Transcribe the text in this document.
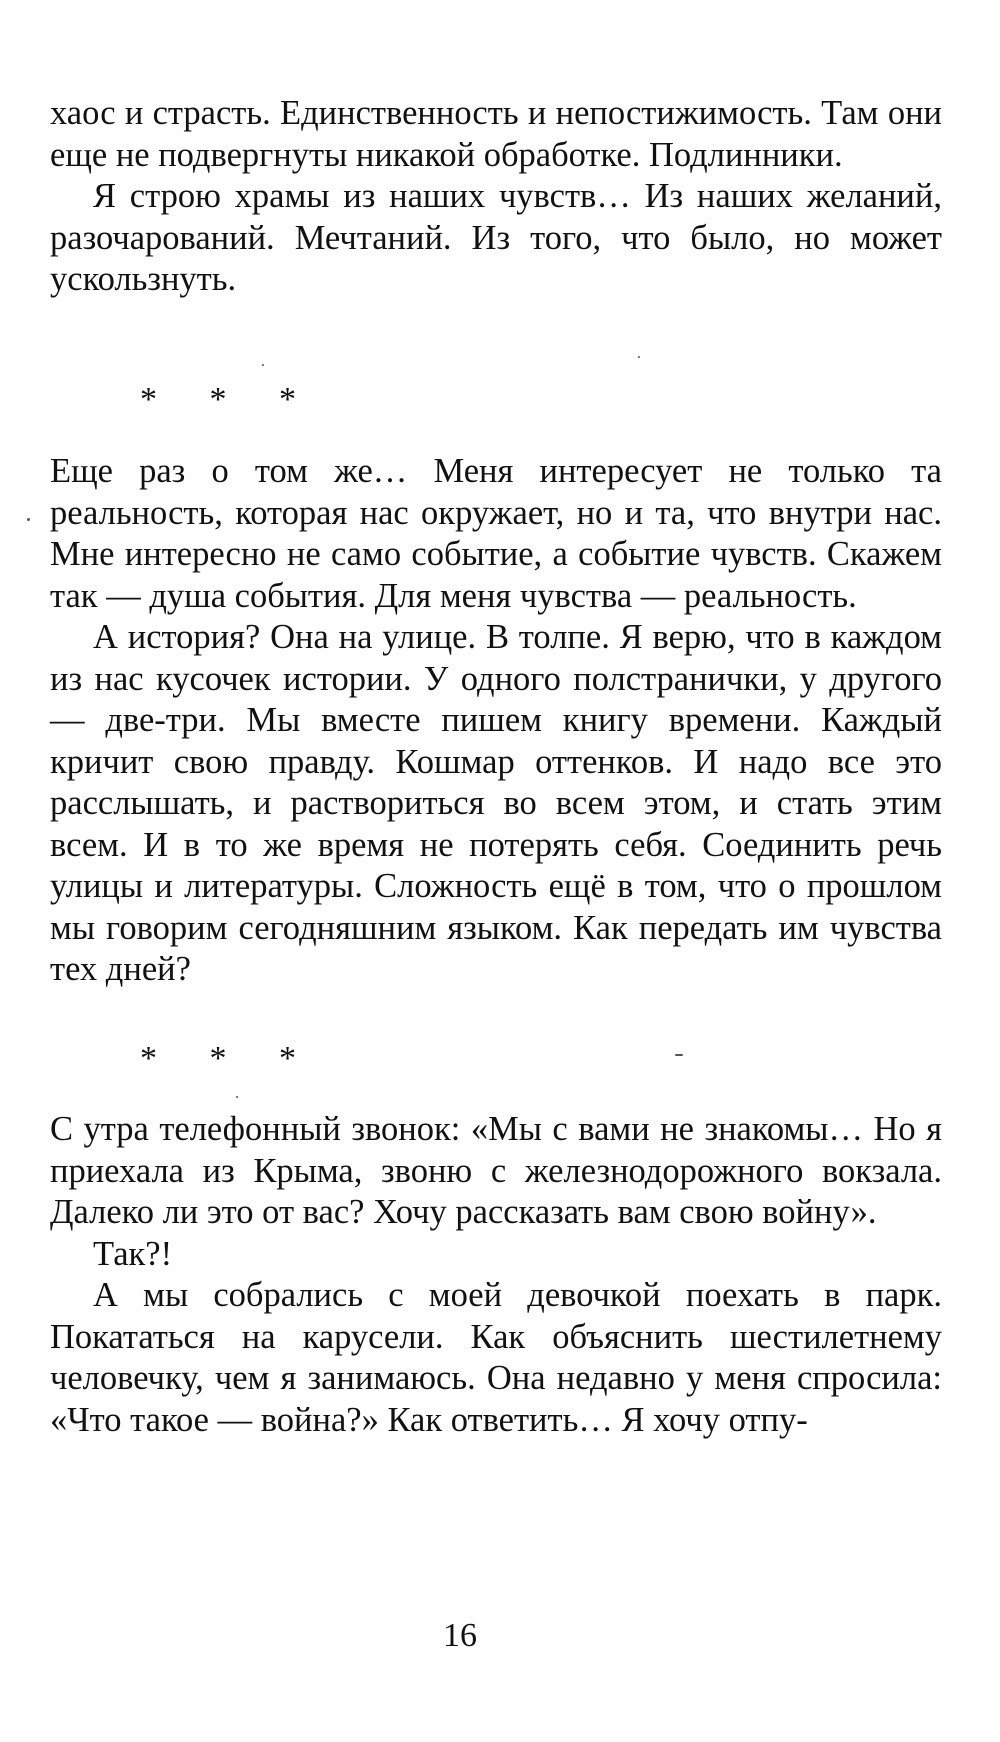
хаос и страсть. Единственность и непостижимость. Там они еще не подвергнуты никакой обработке. Подлинники.

Я строю храмы из наших чувств… Из наших желаний, разочарований. Мечтаний. Из того, что было, но может ускользнуть.

* * *

Еще раз о том же… Меня интересует не только та реальность, которая нас окружает, но и та, что внутри нас. Мне интересно не само событие, а событие чувств. Скажем так — душа события. Для меня чувства — реальность.

А история? Она на улице. В толпе. Я верю, что в каждом из нас кусочек истории. У одного полстранички, у другого — две-три. Мы вместе пишем книгу времени. Каждый кричит свою правду. Кошмар оттенков. И надо все это расслышать, и раствориться во всем этом, и стать этим всем. И в то же время не потерять себя. Соединить речь улицы и литературы. Сложность ещё в том, что о прошлом мы говорим сегодняшним языком. Как передать им чувства тех дней?

* * *

С утра телефонный звонок: «Мы с вами не знакомы… Но я приехала из Крыма, звоню с железнодорожного вокзала. Далеко ли это от вас? Хочу рассказать вам свою войну».

Так?!

А мы собрались с моей девочкой поехать в парк. Покататься на карусели. Как объяснить шестилетнему человечку, чем я занимаюсь. Она недавно у меня спросила: «Что такое — война?» Как ответить… Я хочу отпу-

16
